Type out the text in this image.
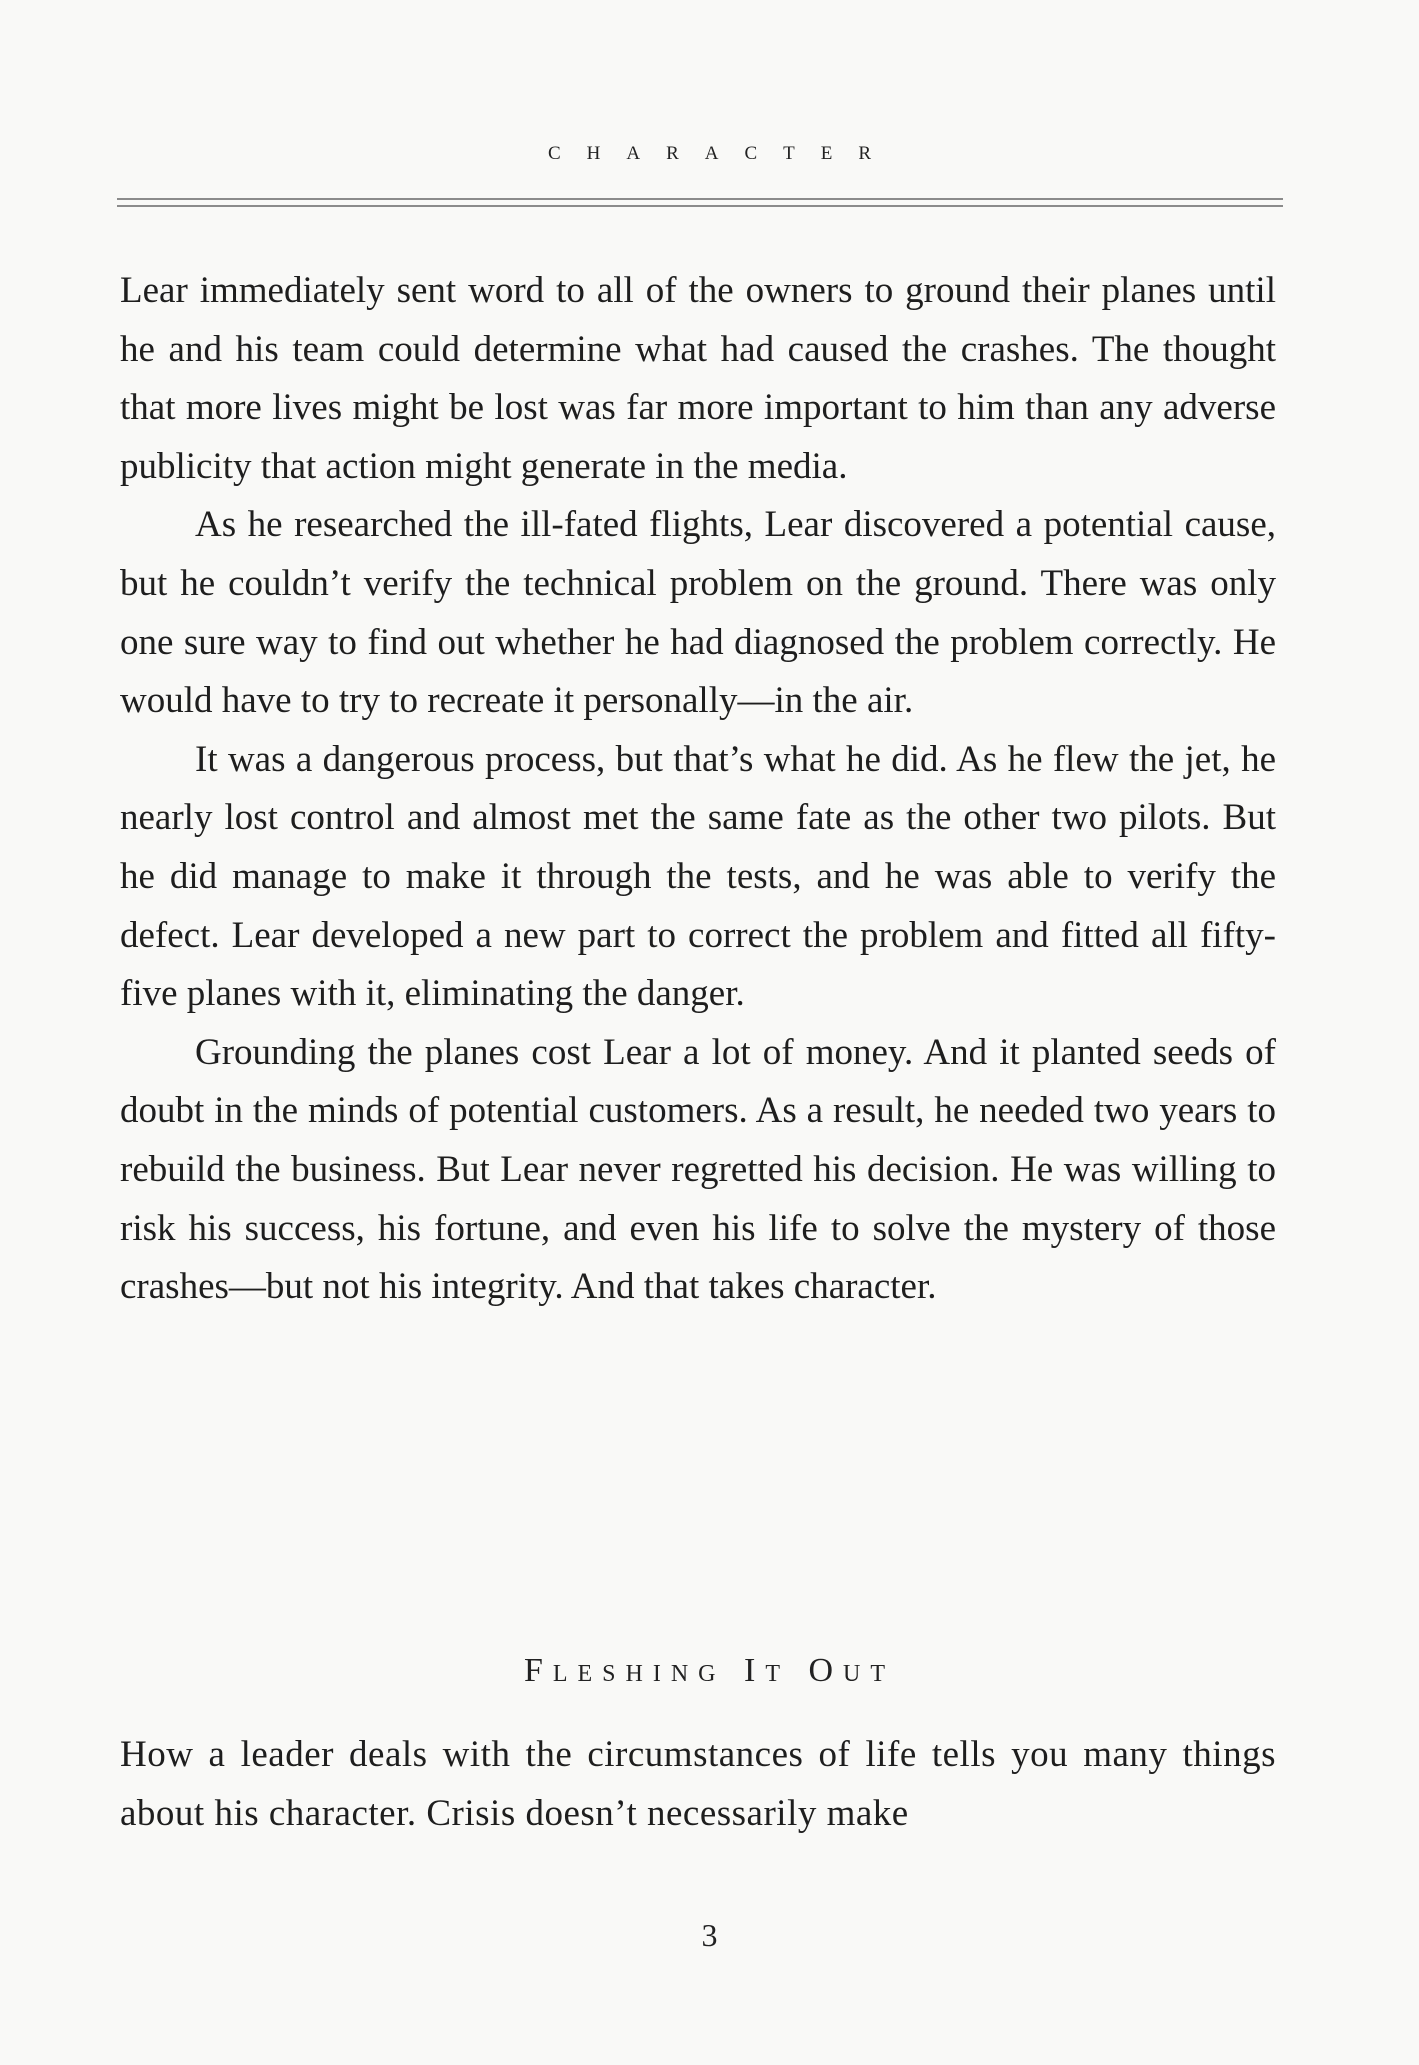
CHARACTER

Lear immediately sent word to all of the owners to ground their planes until he and his team could determine what had caused the crashes. The thought that more lives might be lost was far more important to him than any adverse publicity that action might generate in the media.

As he researched the ill-fated flights, Lear discovered a potential cause, but he couldn’t verify the technical problem on the ground. There was only one sure way to find out whether he had diagnosed the problem correctly. He would have to try to recreate it personally—in the air.

It was a dangerous process, but that’s what he did. As he flew the jet, he nearly lost control and almost met the same fate as the other two pilots. But he did manage to make it through the tests, and he was able to verify the defect. Lear developed a new part to correct the problem and fitted all fifty-five planes with it, eliminating the danger.

Grounding the planes cost Lear a lot of money. And it planted seeds of doubt in the minds of potential customers. As a result, he needed two years to rebuild the business. But Lear never regretted his decision. He was willing to risk his success, his fortune, and even his life to solve the mystery of those crashes—but not his integrity. And that takes character.

Fleshing It Out

How a leader deals with the circumstances of life tells you many things about his character. Crisis doesn’t necessarily make

3
